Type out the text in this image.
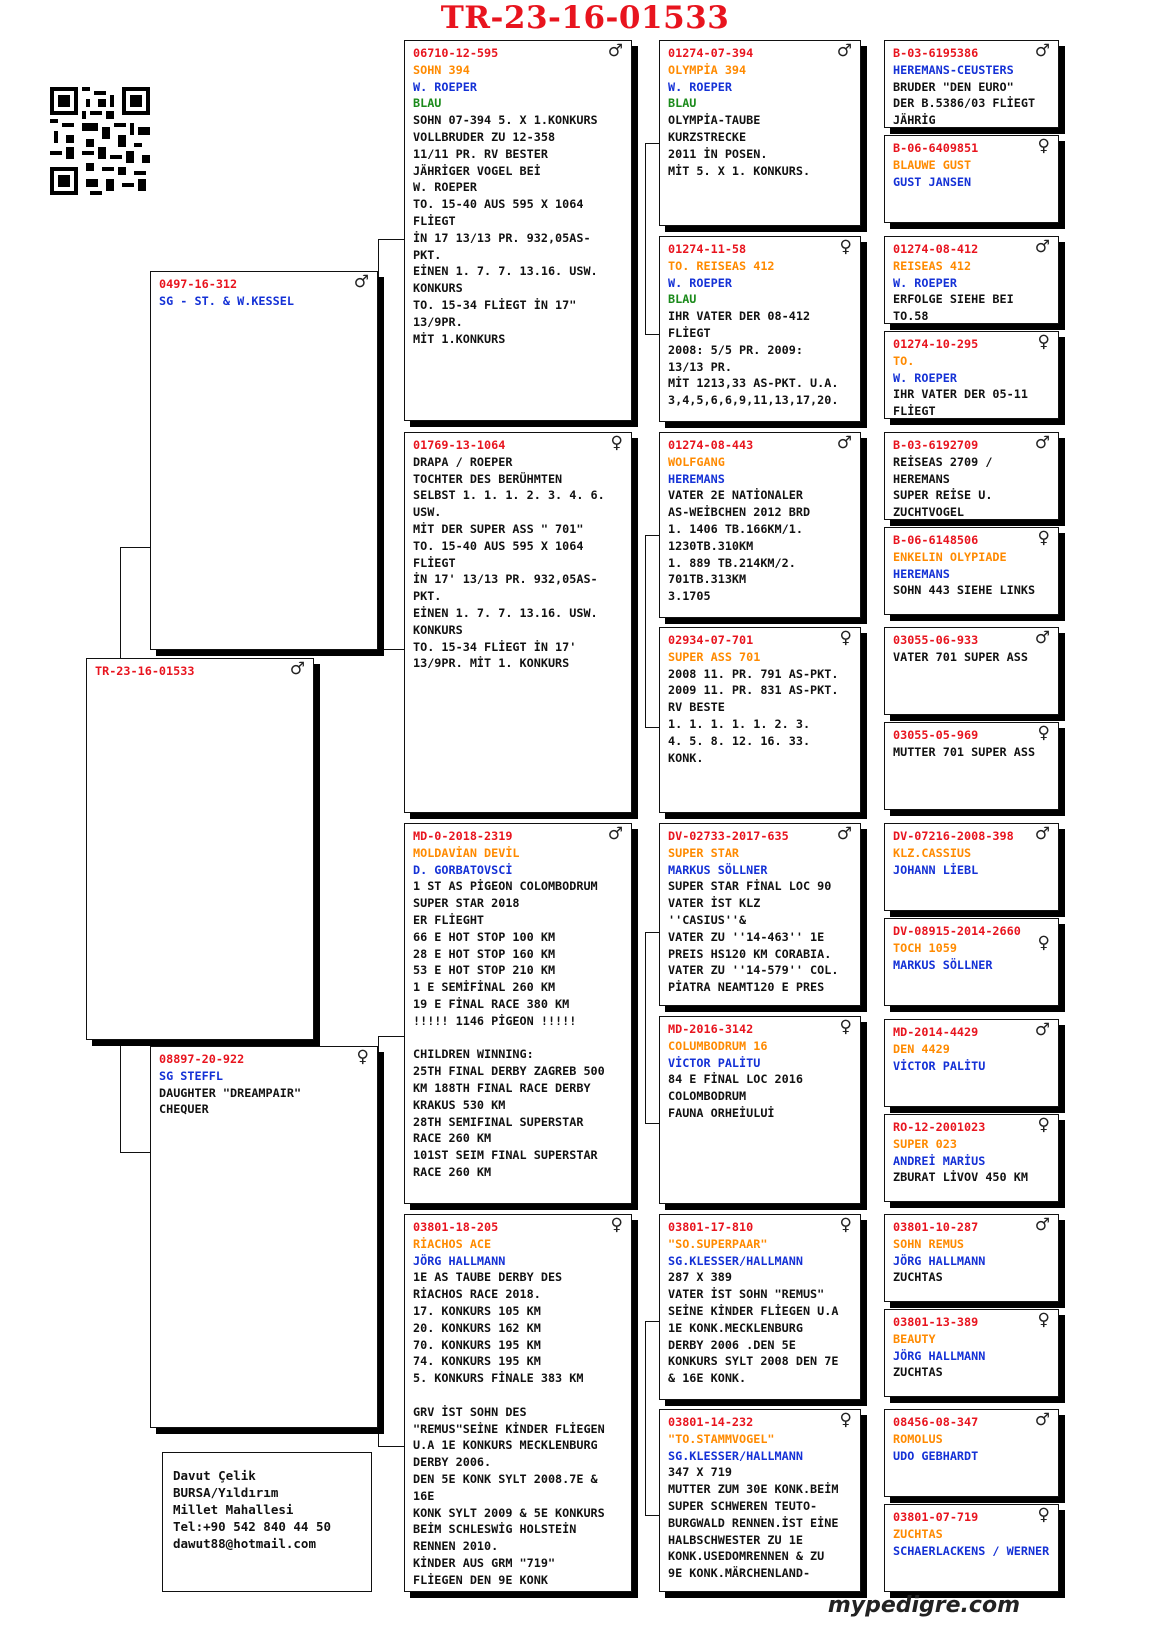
TR-23-16-01533
TR-23-16-01533	♂
0497-16-312	♂
SG - ST. & W.KESSEL
08897-20-922	♀
SG STEFFL
DAUGHTER "DREAMPAIR"
CHEQUER
06710-12-595	♂
SOHN 394
W. ROEPER
BLAU
SOHN 07-394 5. X 1.KONKURS
VOLLBRUDER ZU 12-358
11/11 PR. RV BESTER
JÄHRİGER VOGEL BEİ
W. ROEPER
TO. 15-40 AUS 595 X 1064
FLİEGT
İN 17 13/13 PR. 932,05AS-
PKT.
EİNEN 1. 7. 7. 13.16. USW.
KONKURS
TO. 15-34 FLİEGT İN 17"
13/9PR.
MİT 1.KONKURS
01769-13-1064	♀
DRAPA / ROEPER
TOCHTER DES BERÜHMTEN
SELBST 1. 1. 1. 2. 3. 4. 6.
USW.
MİT DER SUPER ASS " 701"
TO. 15-40 AUS 595 X 1064
FLİEGT
İN 17' 13/13 PR. 932,05AS-
PKT.
EİNEN 1. 7. 7. 13.16. USW.
KONKURS
TO. 15-34 FLİEGT İN 17'
13/9PR. MİT 1. KONKURS
MD-0-2018-2319	♂
MOLDAVİAN DEVİL
D. GORBATOVSCİ
1 ST AS PİGEON COLOMBODRUM
SUPER STAR 2018
ER FLİEGHT
66 E HOT STOP 100 KM
28 E HOT STOP 160 KM
53 E HOT STOP 210 KM
1 E SEMİFİNAL 260 KM
19 E FİNAL RACE 380 KM
!!!!! 1146 PİGEON !!!!!

CHILDREN WINNING:
25TH FINAL DERBY ZAGREB 500
KM 188TH FINAL RACE DERBY
KRAKUS 530 KM
28TH SEMIFINAL SUPERSTAR
RACE 260 KM
101ST SEIM FINAL SUPERSTAR
RACE 260 KM
03801-18-205	♀
RİACHOS ACE
JÖRG HALLMANN
1E AS TAUBE DERBY DES
RİACHOS RACE 2018.
17. KONKURS 105 KM
20. KONKURS 162 KM
70. KONKURS 195 KM
74. KONKURS 195 KM
5. KONKURS FİNALE 383 KM

GRV İST SOHN DES
"REMUS"SEİNE KİNDER FLİEGEN
U.A 1E KONKURS MECKLENBURG
DERBY 2006.
DEN 5E KONK SYLT 2008.7E &
16E
KONK SYLT 2009 & 5E KONKURS
BEİM SCHLESWİG HOLSTEİN
RENNEN 2010.
KİNDER AUS GRM "719"
FLİEGEN DEN 9E KONK
01274-07-394	♂
OLYMPİA 394
W. ROEPER
BLAU
OLYMPİA-TAUBE
KURZSTRECKE
2011 İN POSEN.
MİT 5. X 1. KONKURS.
01274-11-58	♀
TO. REISEAS 412
W. ROEPER
BLAU
IHR VATER DER 08-412
FLİEGT
2008: 5/5 PR. 2009:
13/13 PR.
MİT 1213,33 AS-PKT. U.A.
3,4,5,6,6,9,11,13,17,20.
01274-08-443	♂
WOLFGANG
HEREMANS
VATER 2E NATİONALER
AS-WEİBCHEN 2012 BRD
1. 1406 TB.166KM/1.
1230TB.310KM
1. 889 TB.214KM/2.
701TB.313KM
3.1705
02934-07-701	♀
SUPER ASS 701
2008 11. PR. 791 AS-PKT.
2009 11. PR. 831 AS-PKT.
RV BESTE
1. 1. 1. 1. 1. 2. 3.
4. 5. 8. 12. 16. 33.
KONK.
DV-02733-2017-635	♂
SUPER STAR
MARKUS SÖLLNER
SUPER STAR FİNAL LOC 90
VATER İST KLZ
''CASIUS''&
VATER ZU ''14-463'' 1E
PREIS HS120 KM CORABIA.
VATER ZU ''14-579'' COL.
PİATRA NEAMT120 E PRES
MD-2016-3142	♀
COLUMBODRUM 16
VİCTOR PALİTU
84 E FİNAL LOC 2016
COLOMBODRUM
FAUNA ORHEİULUİ
03801-17-810	♀
"SO.SUPERPAAR"
SG.KLESSER/HALLMANN
287 X 389
VATER İST SOHN "REMUS"
SEİNE KİNDER FLİEGEN U.A
1E KONK.MECKLENBURG
DERBY 2006 .DEN 5E
KONKURS SYLT 2008 DEN 7E
& 16E KONK.
03801-14-232	♀
"TO.STAMMVOGEL"
SG.KLESSER/HALLMANN
347 X 719
MUTTER ZUM 30E KONK.BEİM
SUPER SCHWEREN TEUTO-
BURGWALD RENNEN.İST EİNE
HALBSCHWESTER ZU 1E
KONK.USEDOMRENNEN & ZU
9E KONK.MÄRCHENLAND-
B-03-6195386	♂
HEREMANS-CEUSTERS
BRUDER "DEN EURO"
DER B.5386/03 FLİEGT
JÄHRİG
B-06-6409851	♀
BLAUWE GUST
GUST JANSEN
01274-08-412	♂
REISEAS 412
W. ROEPER
ERFOLGE SIEHE BEI
TO.58
01274-10-295	♀
TO.
W. ROEPER
IHR VATER DER 05-11
FLİEGT
B-03-6192709	♂
REİSEAS 2709 /
HEREMANS
SUPER REİSE U.
ZUCHTVOGEL
B-06-6148506	♀
ENKELIN OLYPIADE
HEREMANS
SOHN 443 SIEHE LINKS
03055-06-933	♂
VATER 701 SUPER ASS
03055-05-969	♀
MUTTER 701 SUPER ASS
DV-07216-2008-398 ♂
KLZ.CASSIUS
JOHANN LİEBL
DV-08915-2014-2660
♀
TOCH 1059
MARKUS SÖLLNER
MD-2014-4429	♂
DEN 4429
VİCTOR PALİTU
RO-12-2001023	♀
SUPER 023
ANDREİ MARİUS
ZBURAT LİVOV 450 KM
03801-10-287	♂
SOHN REMUS
JÖRG HALLMANN
ZUCHTAS
03801-13-389	♀
BEAUTY
JÖRG HALLMANN
ZUCHTAS
08456-08-347	♂
ROMOLUS
UDO GEBHARDT
03801-07-719	♀
ZUCHTAS
SCHAERLACKENS / WERNER
Davut Çelik
BURSA/Yıldırım
Millet Mahallesi
Tel:+90 542 840 44 50
dawut88@hotmail.com
mypedigre.com
